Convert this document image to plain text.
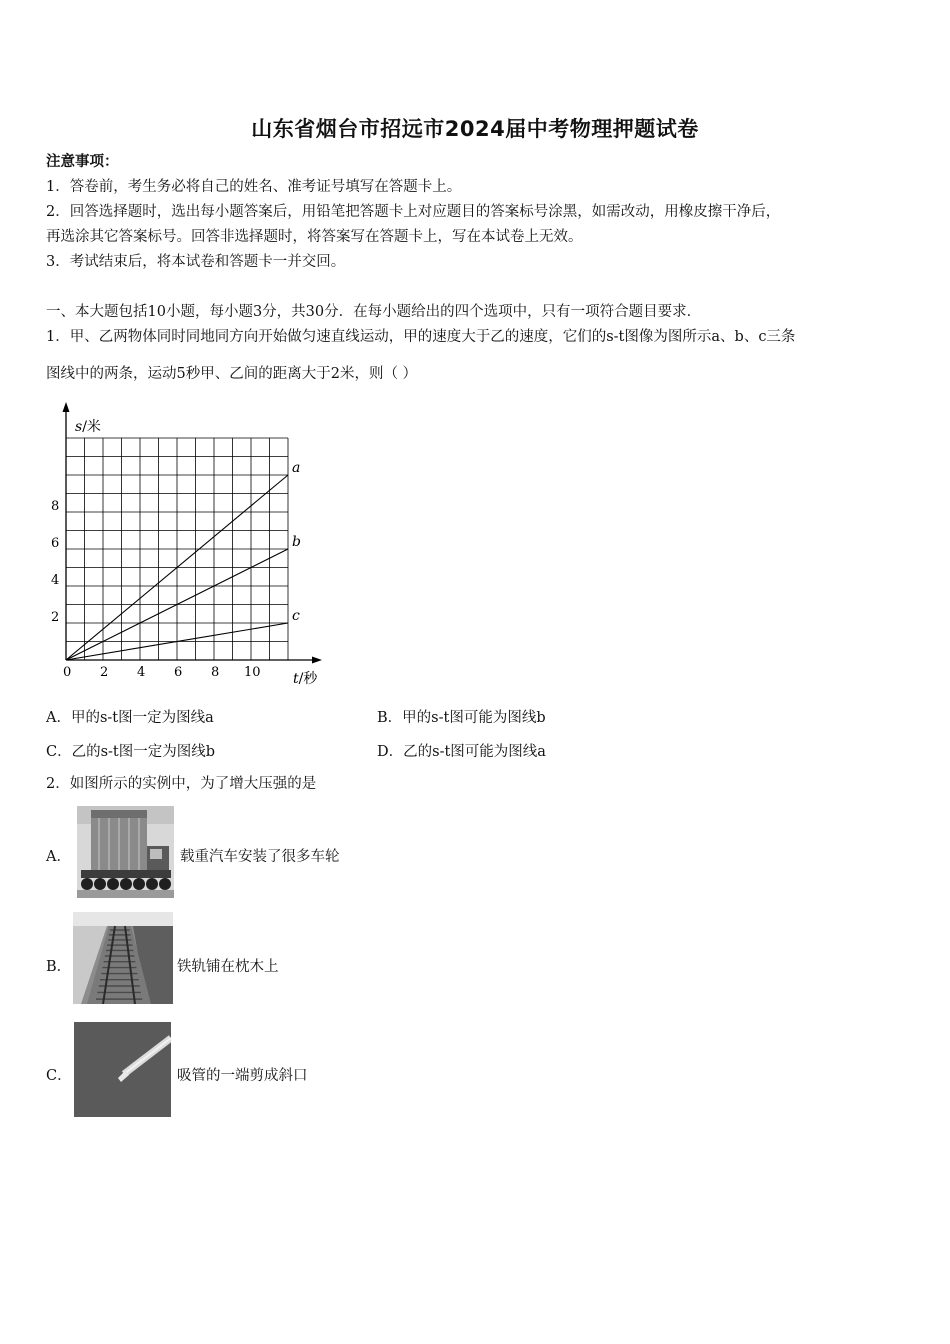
山东省烟台市招远市2024届中考物理押题试卷
注意事项：
1．答卷前，考生务必将自己的姓名、准考证号填写在答题卡上。
2．回答选择题时，选出每小题答案后，用铅笔把答题卡上对应题目的答案标号涂黑，如需改动，用橡皮擦干净后，
再选涂其它答案标号。回答非选择题时，将答案写在答题卡上，写在本试卷上无效。
3．考试结束后，将本试卷和答题卡一并交回。
一、本大题包括10小题，每小题3分，共30分．在每小题给出的四个选项中，只有一项符合题目要求．
1．甲、乙两物体同时同地同方向开始做匀速直线运动，甲的速度大于乙的速度，它们的s-t图像为图所示a、b、c三条
图线中的两条，运动5秒甲、乙间的距离大于2米，则（ ）
s/米
t/秒
0 2 4 6 8 10
2
4
6
8
a
b
c
A．甲的s-t图一定为图线a	B．甲的s-t图可能为图线b
C．乙的s-t图一定为图线b	D．乙的s-t图可能为图线a
2．如图所示的实例中，为了增大压强的是
A．	载重汽车安装了很多车轮
B．	铁轨铺在枕木上
C．	吸管的一端剪成斜口
